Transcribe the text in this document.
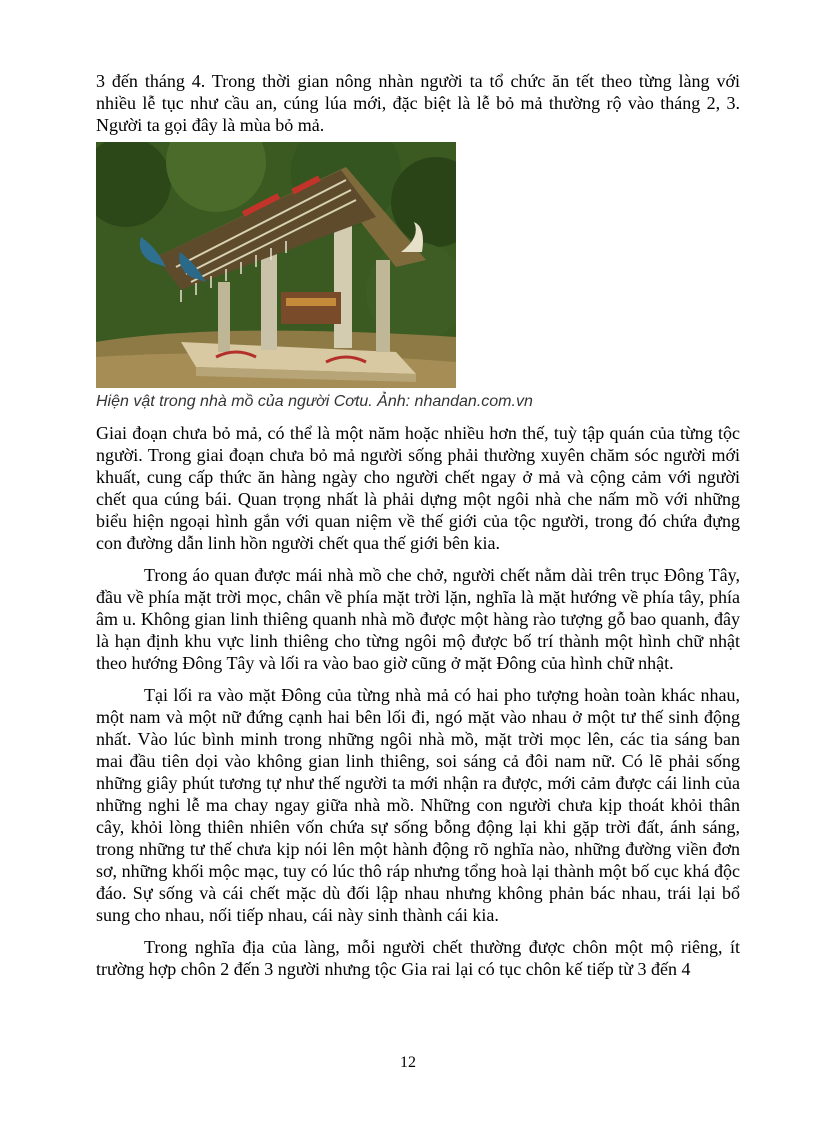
3 đến tháng 4. Trong thời gian nông nhàn người ta tổ chức ăn tết theo từng làng với nhiều lễ tục như cầu an, cúng lúa mới, đặc biệt là lễ bỏ mả thường rộ vào tháng 2, 3. Người ta gọi đây là mùa bỏ mả.

Hiện vật trong nhà mồ của người Cơtu. Ảnh: nhandan.com.vn

Giai đoạn chưa bỏ mả, có thể là một năm hoặc nhiều hơn thế, tuỳ tập quán của từng tộc người. Trong giai đoạn chưa bỏ mả người sống phải thường xuyên chăm sóc người mới khuất, cung cấp thức ăn hàng ngày cho người chết ngay ở mả và cộng cảm với người chết qua cúng bái. Quan trọng nhất là phải dựng một ngôi nhà che nấm mồ với những biểu hiện ngoại hình gắn với quan niệm về thế giới của tộc người, trong đó chứa đựng con đường dẫn linh hồn người chết qua thế giới bên kia.

Trong áo quan được mái nhà mồ che chở, người chết nằm dài trên trục Đông Tây, đầu về phía mặt trời mọc, chân về phía mặt trời lặn, nghĩa là mặt hướng về phía tây, phía âm u. Không gian linh thiêng quanh nhà mồ được một hàng rào tượng gỗ bao quanh, đây là hạn định khu vực linh thiêng cho từng ngôi mộ được bố trí thành một hình chữ nhật theo hướng Đông Tây và lối ra vào bao giờ cũng ở mặt Đông của hình chữ nhật.

Tại lối ra vào mặt Đông của từng nhà mả có hai pho tượng hoàn toàn khác nhau, một nam và một nữ đứng cạnh hai bên lối đi, ngó mặt vào nhau ở một tư thế sinh động nhất. Vào lúc bình minh trong những ngôi nhà mồ, mặt trời mọc lên, các tia sáng ban mai đầu tiên dọi vào không gian linh thiêng, soi sáng cả đôi nam nữ. Có lẽ phải sống những giây phút tương tự như thế người ta mới nhận ra được, mới cảm được cái linh của những nghi lễ ma chay ngay giữa nhà mồ. Những con người chưa kịp thoát khỏi thân cây, khỏi lòng thiên nhiên vốn chứa sự sống bỗng động lại khi gặp trời đất, ánh sáng, trong những tư thế chưa kịp nói lên một hành động rõ nghĩa nào, những đường viền đơn sơ, những khối mộc mạc, tuy có lúc thô ráp nhưng tổng hoà lại thành một bố cục khá độc đáo. Sự sống và cái chết mặc dù đối lập nhau nhưng không phản bác nhau, trái lại bổ sung cho nhau, nối tiếp nhau, cái này sinh thành cái kia.

Trong nghĩa địa của làng, mỗi người chết thường được chôn một mộ riêng, ít trường hợp chôn 2 đến 3 người nhưng tộc Gia rai lại có tục chôn kế tiếp từ 3 đến 4

12
